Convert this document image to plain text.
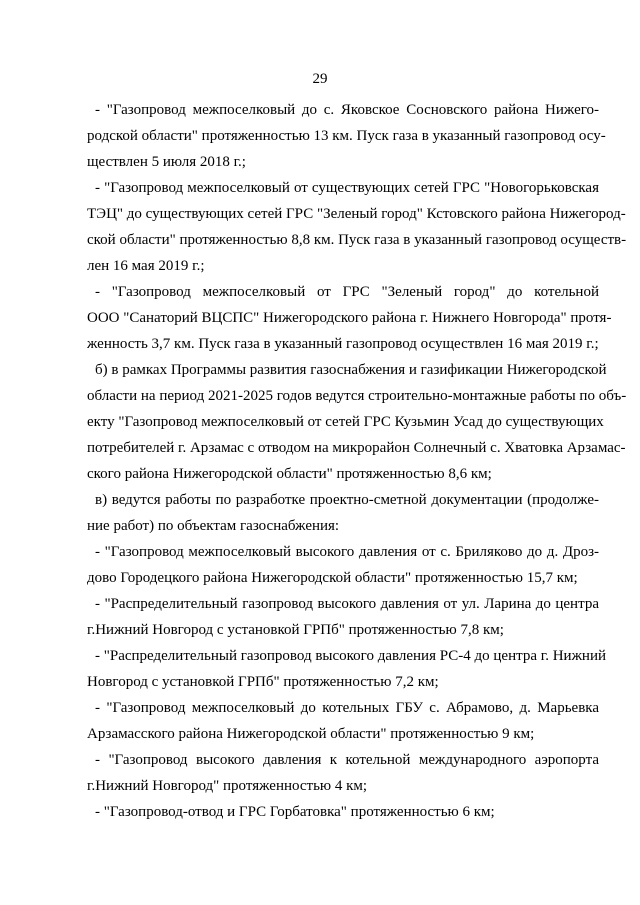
29
- "Газопровод межпоселковый до с. Яковское Сосновского района Нижего-
родской области" протяженностью 13 км. Пуск газа в указанный газопровод осу-
ществлен 5 июля 2018 г.;
- "Газопровод межпоселковый от существующих сетей ГРС "Новогорьковская
ТЭЦ" до существующих сетей ГРС "Зеленый город" Кстовского района Нижегород-
ской области" протяженностью 8,8 км. Пуск газа в указанный газопровод осуществ-
лен 16 мая 2019 г.;
- "Газопровод межпоселковый от ГРС "Зеленый город" до котельной
ООО "Санаторий ВЦСПС" Нижегородского района г. Нижнего Новгорода" протя-
женность 3,7 км. Пуск газа в указанный газопровод осуществлен 16 мая 2019 г.;
б) в рамках Программы развития газоснабжения и газификации Нижегородской
области на период 2021-2025 годов ведутся строительно-монтажные работы по объ-
екту "Газопровод межпоселковый от сетей ГРС Кузьмин Усад до существующих
потребителей г. Арзамас с отводом на микрорайон Солнечный с. Хватовка Арзамас-
ского района Нижегородской области" протяженностью 8,6 км;
в) ведутся работы по разработке проектно-сметной документации (продолже-
ние работ) по объектам газоснабжения:
- "Газопровод межпоселковый высокого давления от с. Бриляково до д. Дроз-
дово Городецкого района Нижегородской области" протяженностью 15,7 км;
- "Распределительный газопровод высокого давления от ул. Ларина до центра
г.Нижний Новгород с установкой ГРПб" протяженностью 7,8 км;
- "Распределительный газопровод высокого давления РС-4 до центра г. Нижний
Новгород с установкой ГРПб" протяженностью 7,2 км;
- "Газопровод межпоселковый до котельных ГБУ с. Абрамово, д. Марьевка
Арзамасского района Нижегородской области" протяженностью 9 км;
- "Газопровод высокого давления к котельной международного аэропорта
г.Нижний Новгород" протяженностью 4 км;
- "Газопровод-отвод и ГРС Горбатовка" протяженностью 6 км;
